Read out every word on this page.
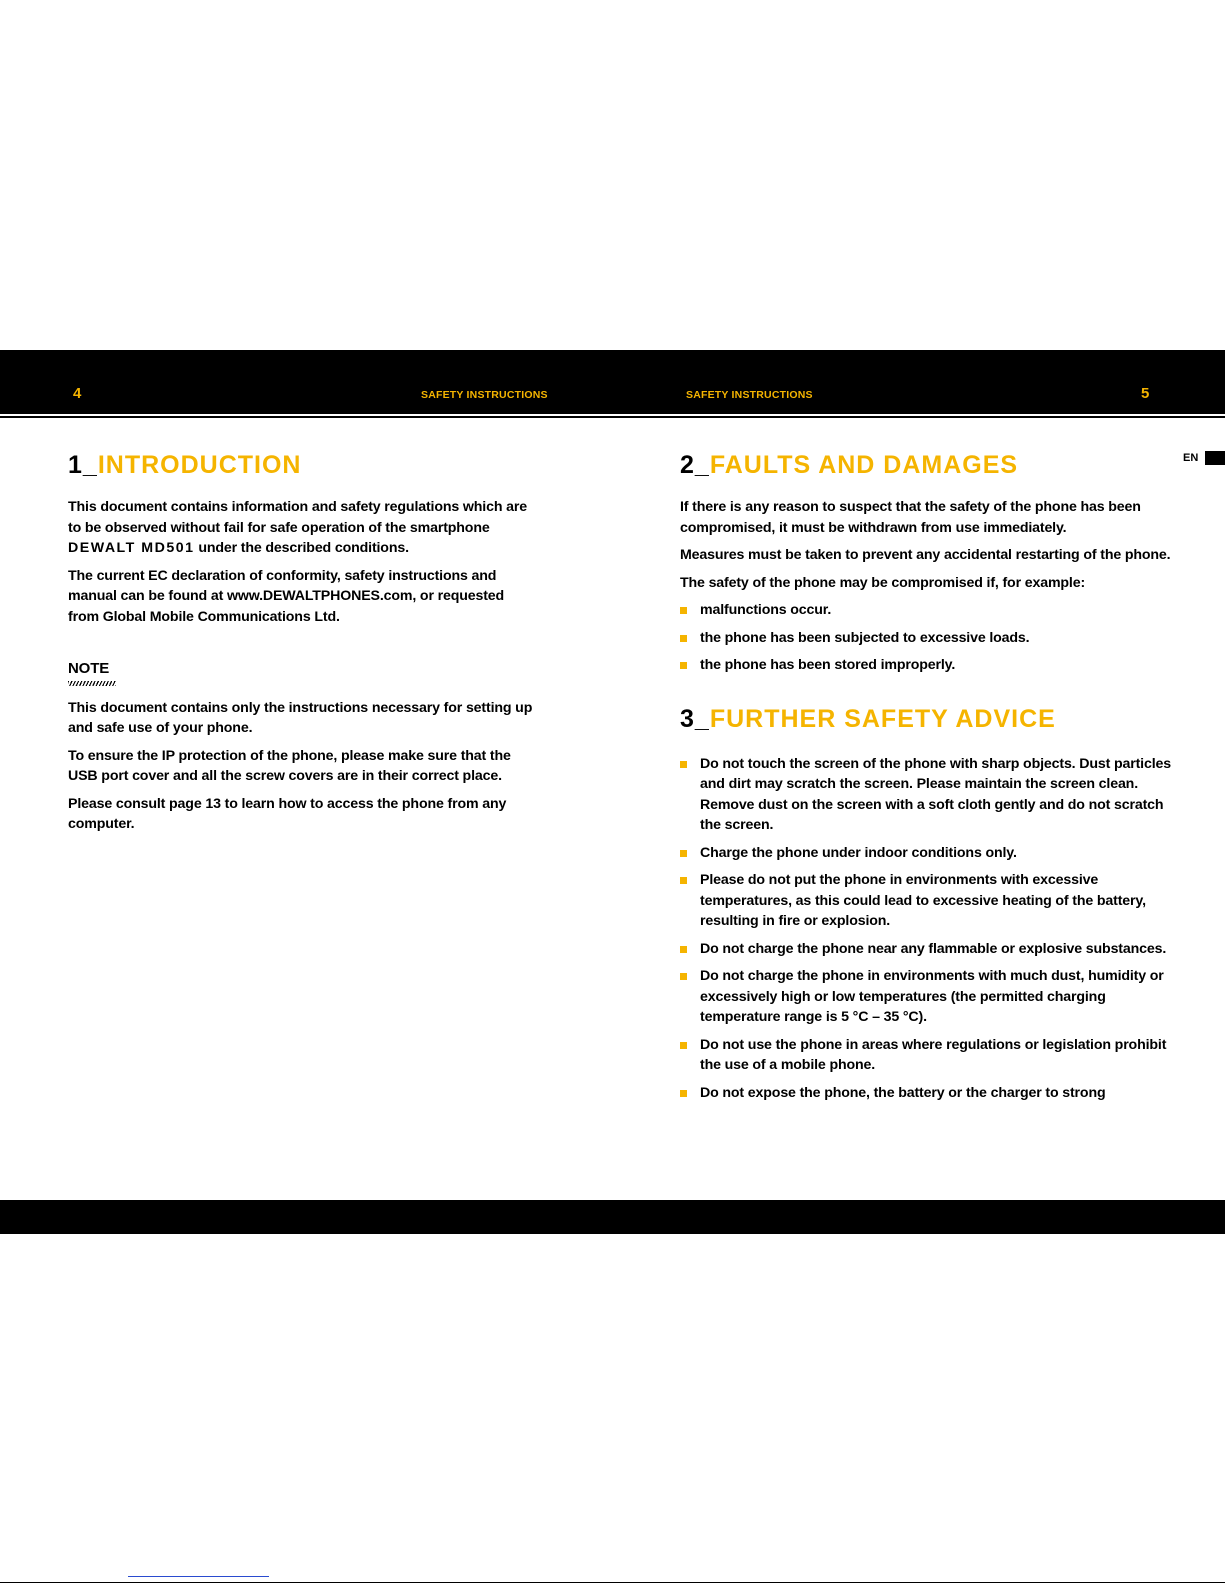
4	SAFETY INSTRUCTIONS	SAFETY INSTRUCTIONS	5
EN
1_INTRODUCTION

This document contains information and safety regulations which are to be observed without fail for safe operation of the smartphone DEWALT MD501 under the described conditions.

The current EC declaration of conformity, safety instructions and manual can be found at www.DEWALTPHONES.com, or requested from Global Mobile Communications Ltd.

NOTE

This document contains only the instructions necessary for setting up and safe use of your phone.

To ensure the IP protection of the phone, please make sure that the USB port cover and all the screw covers are in their correct place.

Please consult page 13 to learn how to access the phone from any computer.

2_FAULTS AND DAMAGES

If there is any reason to suspect that the safety of the phone has been compromised, it must be withdrawn from use immediately.

Measures must be taken to prevent any accidental restarting of the phone.

The safety of the phone may be compromised if, for example:

malfunctions occur.
the phone has been subjected to excessive loads.
the phone has been stored improperly.
3_FURTHER SAFETY ADVICE
Do not touch the screen of the phone with sharp objects. Dust particles and dirt may scratch the screen. Please maintain the screen clean. Remove dust on the screen with a soft cloth gently and do not scratch the screen.
Charge the phone under indoor conditions only.
Please do not put the phone in environments with excessive temperatures, as this could lead to excessive heating of the battery, resulting in fire or explosion.
Do not charge the phone near any flammable or explosive substances.
Do not charge the phone in environments with much dust, humidity or excessively high or low temperatures (the permitted charging temperature range is 5 °C – 35 °C).
Do not use the phone in areas where regulations or legislation prohibit the use of a mobile phone.
Do not expose the phone, the battery or the charger to strong
